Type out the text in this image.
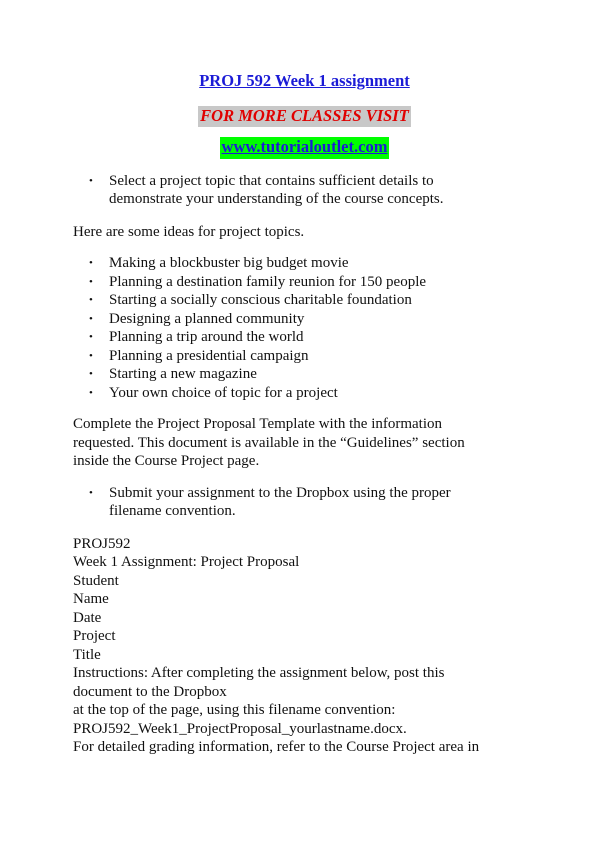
PROJ 592 Week 1 assignment
FOR MORE CLASSES VISIT
www.tutorialoutlet.com
• Select a project topic that contains sufficient details to
demonstrate your understanding of the course concepts.

Here are some ideas for project topics.

• Making a blockbuster big budget movie
• Planning a destination family reunion for 150 people
• Starting a socially conscious charitable foundation
• Designing a planned community
• Planning a trip around the world
• Planning a presidential campaign
• Starting a new magazine
• Your own choice of topic for a project
Complete the Project Proposal Template with the information
requested. This document is available in the “Guidelines” section
inside the Course Project page.
• Submit your assignment to the Dropbox using the proper
filename convention.
PROJ592
Week 1 Assignment: Project Proposal
Student
Name
Date
Project
Title
Instructions: After completing the assignment below, post this
document to the Dropbox
at the top of the page, using this filename convention:
PROJ592_Week1_ProjectProposal_yourlastname.docx.
For detailed grading information, refer to the Course Project area in
